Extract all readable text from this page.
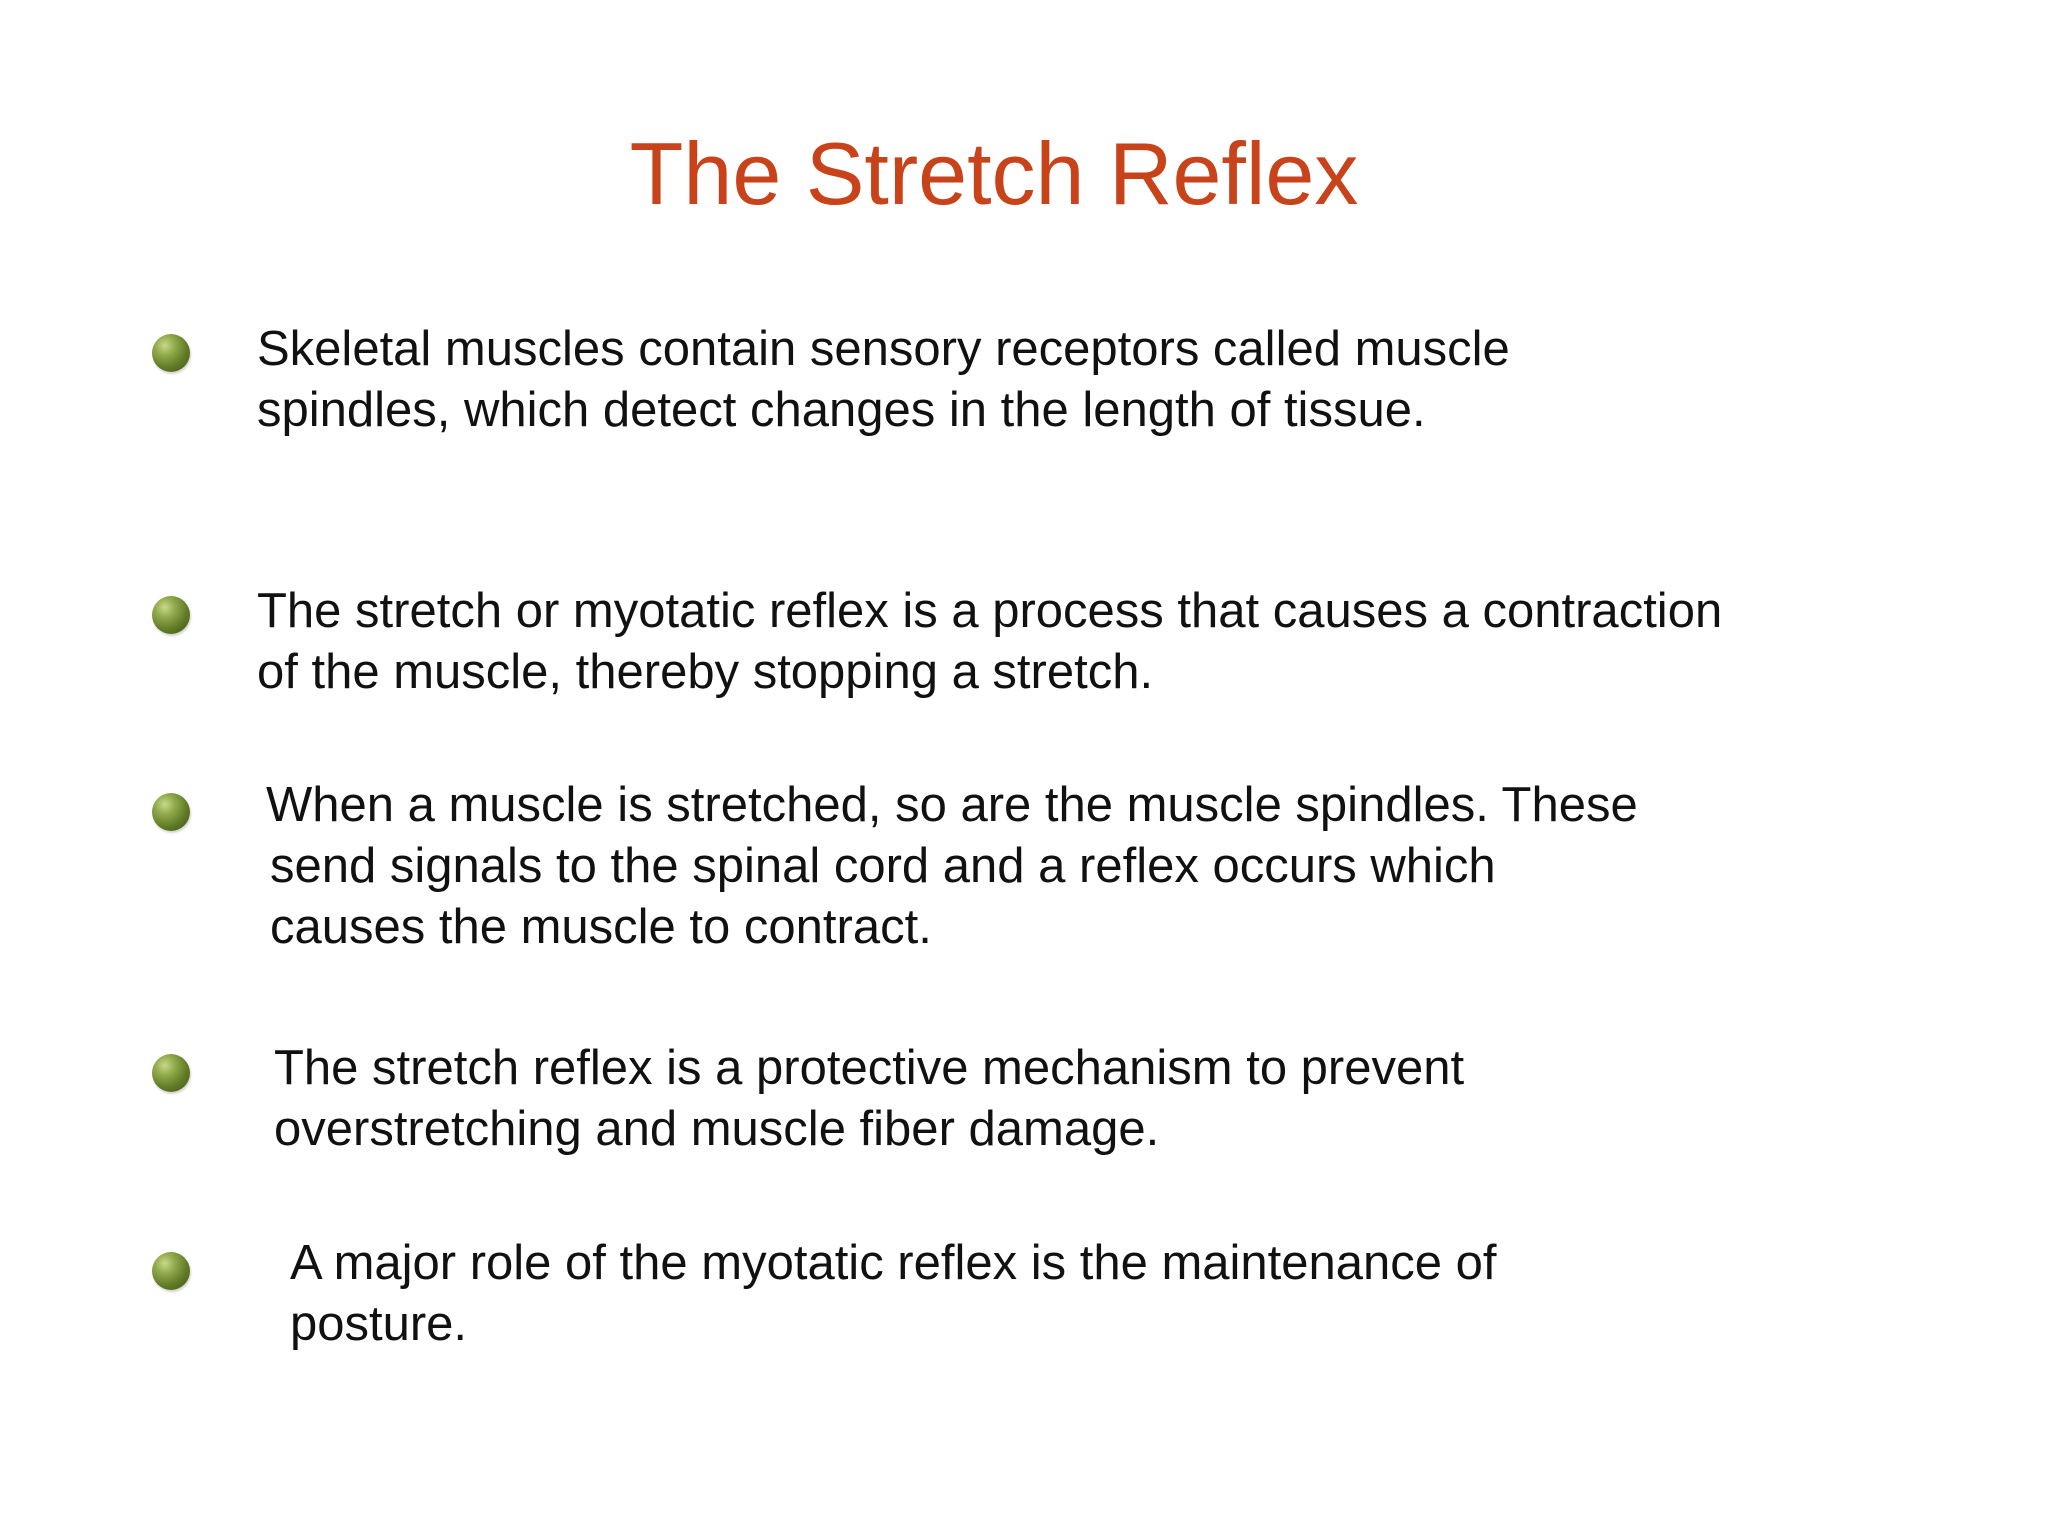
The Stretch Reflex
Skeletal muscles contain sensory receptors called muscle
spindles, which detect changes in the length of tissue.
The stretch or myotatic reflex is a process that causes a contraction
of the muscle, thereby stopping a stretch.
When a muscle is stretched, so are the muscle spindles. These
send signals to the spinal cord and a reflex occurs which
causes the muscle to contract.
The stretch reflex is a protective mechanism to prevent
overstretching and muscle fiber damage.
A major role of the myotatic reflex is the maintenance of
posture.
